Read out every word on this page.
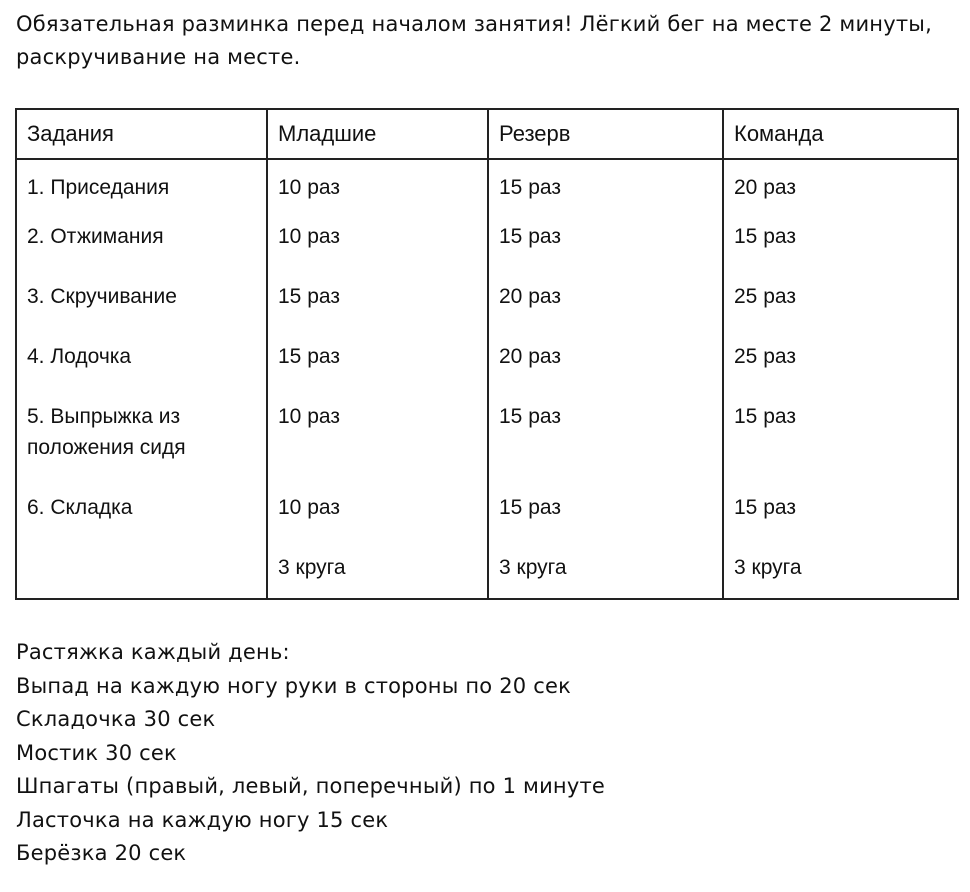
Обязательная разминка перед началом занятия! Лёгкий бег на месте 2 минуты,
раскручивание на месте.
Задания	Младшие	Резерв	Команда
1. Приседания	10 раз	15 раз	20 раз
2. Отжимания	10 раз	15 раз	15 раз
3. Скручивание	15 раз	20 раз	25 раз
4. Лодочка	15 раз	20 раз	25 раз
5. Выпрыжка из положения сидя	10 раз	15 раз	15 раз
6. Складка	10 раз	15 раз	15 раз
	3 круга	3 круга	3 круга
Растяжка каждый день:
Выпад на каждую ногу руки в стороны по 20 сек
Складочка 30 сек
Мостик 30 сек
Шпагаты (правый, левый, поперечный) по 1 минуте
Ласточка на каждую ногу 15 сек
Берёзка 20 сек
